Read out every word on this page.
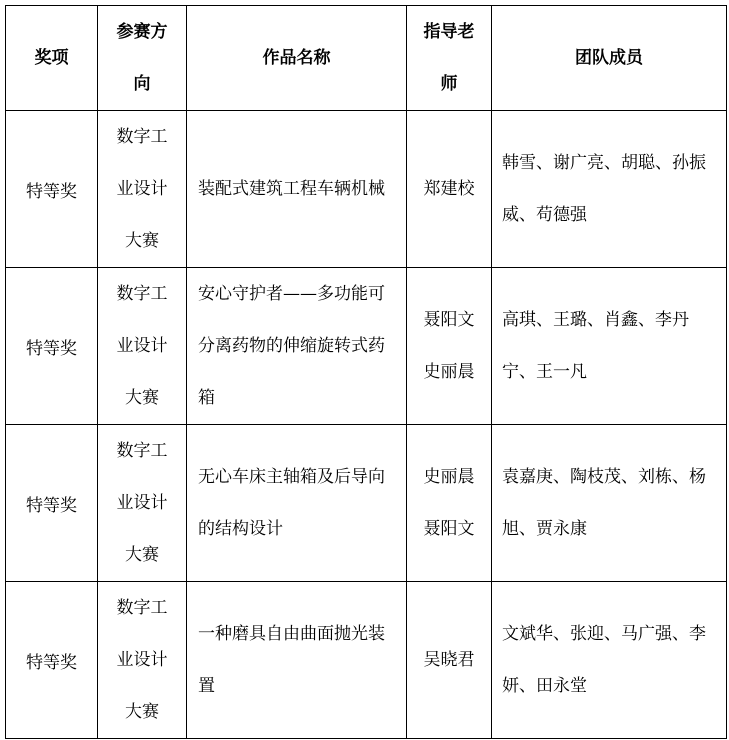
奖项	参赛方向	作品名称	指导老师	团队成员
特等奖	数字工业设计大赛	装配式建筑工程车辆机械	郑建校	韩雪、谢广亮、胡聪、孙振威、苟德强

特等奖	数字工业设计大赛	安心守护者——多功能可分离药物的伸缩旋转式药箱	聂阳文史丽晨	高琪、王璐、肖鑫、李丹宁、王一凡

特等奖	数字工业设计大赛	无心车床主轴箱及后导向的结构设计	史丽晨聂阳文	袁嘉庚、陶枝茂、刘栋、杨旭、贾永康

特等奖	数字工业设计大赛	一种磨具自由曲面抛光装置	吴晓君	文斌华、张迎、马广强、李妍、田永堂
